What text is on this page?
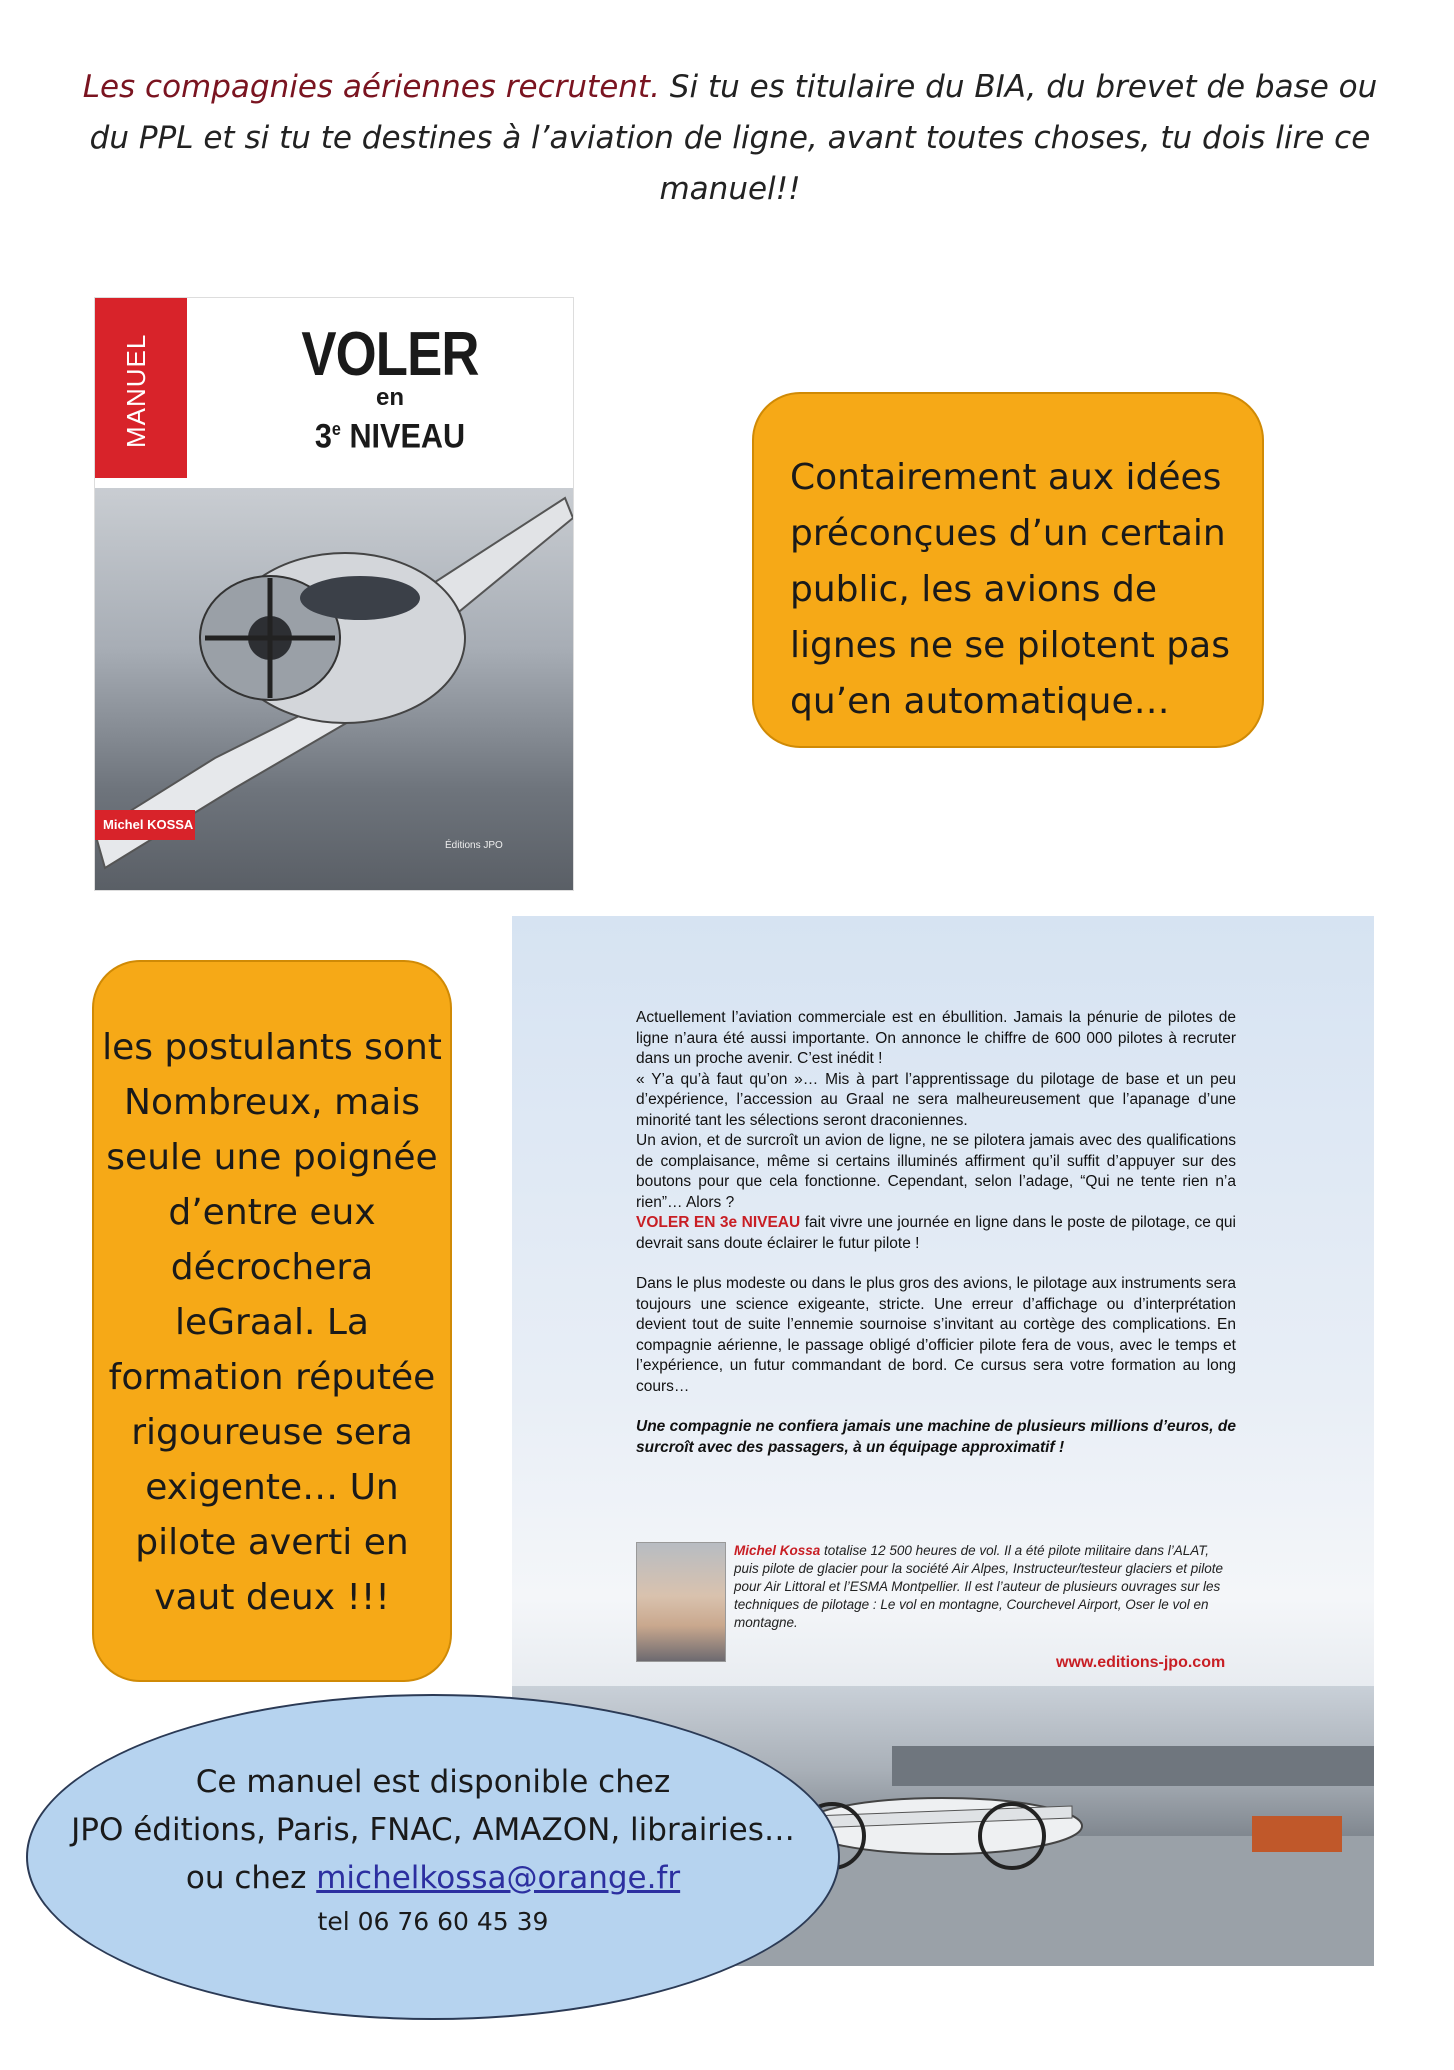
Les compagnies aériennes recrutent. Si tu es titulaire du BIA, du brevet de base ou du PPL et si tu te destines à l’aviation de ligne, avant toutes choses, tu dois lire ce manuel!!
MANUEL VOLER
en
3e NIVEAU
Michel KOSSA
Éditions JPO
Contairement aux idées préconçues d’un certain public, les avions de lignes ne se pilotent pas qu’en automatique…

Actuellement l’aviation commerciale est en ébullition. Jamais la pénurie de pilotes de ligne n’aura été aussi importante. On annonce le chiffre de 600 000 pilotes à recruter dans un proche avenir. C’est inédit !

« Y’a qu’à faut qu’on »… Mis à part l’apprentissage du pilotage de base et un peu d’expérience, l’accession au Graal ne sera malheureusement que l’apanage d’une minorité tant les sélections seront draconiennes.

Un avion, et de surcroît un avion de ligne, ne se pilotera jamais avec des qualifications de complaisance, même si certains illuminés affirment qu’il suffit d’appuyer sur des boutons pour que cela fonctionne. Cependant, selon l’adage, “Qui ne tente rien n’a rien”… Alors ?

VOLER EN 3e NIVEAU fait vivre une journée en ligne dans le poste de pilotage, ce qui devrait sans doute éclairer le futur pilote !

Dans le plus modeste ou dans le plus gros des avions, le pilotage aux instruments sera toujours une science exigeante, stricte. Une erreur d’affichage ou d’interprétation devient tout de suite l’ennemie sournoise s’invitant au cortège des complications. En compagnie aérienne, le passage obligé d’officier pilote fera de vous, avec le temps et l’expérience, un futur commandant de bord. Ce cursus sera votre formation au long cours…

Une compagnie ne confiera jamais une machine de plusieurs millions d’euros, de surcroît avec des passagers, à un équipage approximatif !

Michel Kossa totalise 12 500 heures de vol. Il a été pilote militaire dans l’ALAT, puis pilote de glacier pour la société Air Alpes, Instructeur/testeur glaciers et pilote pour Air Littoral et l’ESMA Montpellier. Il est l’auteur de plusieurs ouvrages sur les techniques de pilotage : Le vol en montagne, Courchevel Airport, Oser le vol en montagne.
www.editions-jpo.com
les postulants sont Nombreux, mais seule une poignée d’entre eux décrochera leGraal. La formation réputée rigoureuse sera exigente… Un pilote averti en vaut deux !!!
Ce manuel est disponible chez
JPO éditions, Paris, FNAC, AMAZON, librairies…
ou chez michelkossa@orange.fr
tel 06 76 60 45 39
